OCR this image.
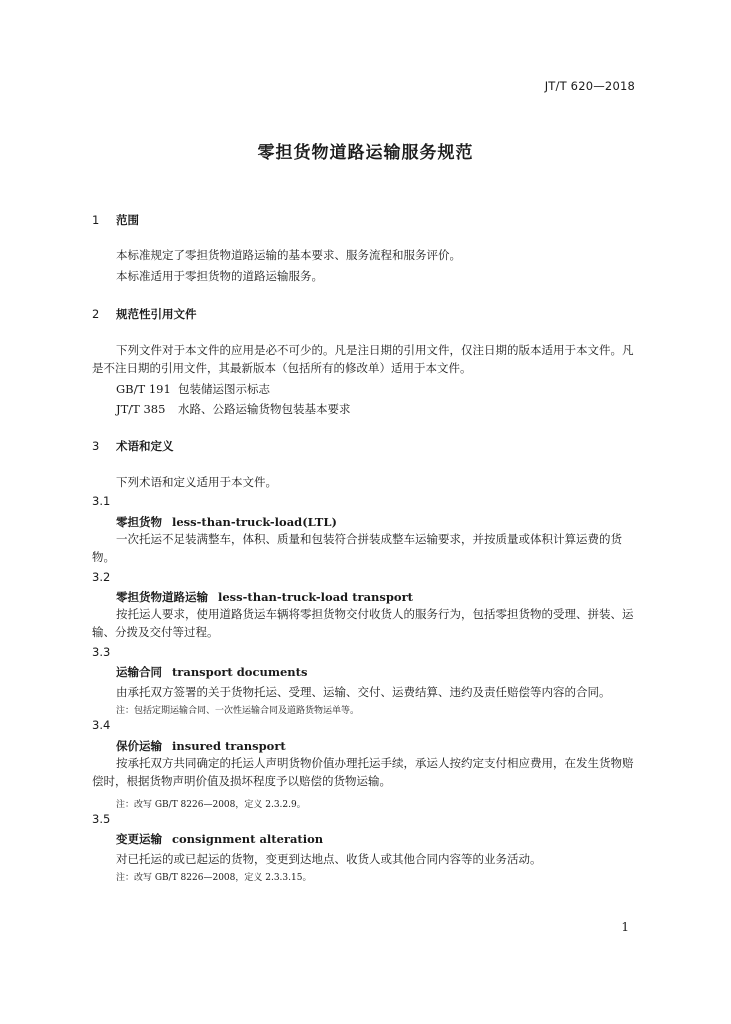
JT/T 620—2018
零担货物道路运输服务规范
1 范围
本标准规定了零担货物道路运输的基本要求、服务流程和服务评价。
本标准适用于零担货物的道路运输服务。
2 规范性引用文件
下列文件对于本文件的应用是必不可少的。凡是注日期的引用文件，仅注日期的版本适用于本文件。凡是不注日期的引用文件，其最新版本（包括所有的修改单）适用于本文件。
GB/T 191 包装储运图示标志
JT/T 385 水路、公路运输货物包装基本要求
3 术语和定义
下列术语和定义适用于本文件。
3.1
零担货物 less-than-truck-load(LTL)
一次托运不足装满整车，体积、质量和包装符合拼装成整车运输要求，并按质量或体积计算运费的货物。
3.2
零担货物道路运输 less-than-truck-load transport
按托运人要求，使用道路货运车辆将零担货物交付收货人的服务行为，包括零担货物的受理、拼装、运输、分拨及交付等过程。
3.3
运输合同 transport documents
由承托双方签署的关于货物托运、受理、运输、交付、运费结算、违约及责任赔偿等内容的合同。
注：包括定期运输合同、一次性运输合同及道路货物运单等。
3.4
保价运输 insured transport
按承托双方共同确定的托运人声明货物价值办理托运手续，承运人按约定支付相应费用，在发生货物赔偿时，根据货物声明价值及损坏程度予以赔偿的货物运输。
注：改写 GB/T 8226—2008，定义 2.3.2.9。
3.5
变更运输 consignment alteration
对已托运的或已起运的货物，变更到达地点、收货人或其他合同内容等的业务活动。
注：改写 GB/T 8226—2008，定义 2.3.3.15。
1
